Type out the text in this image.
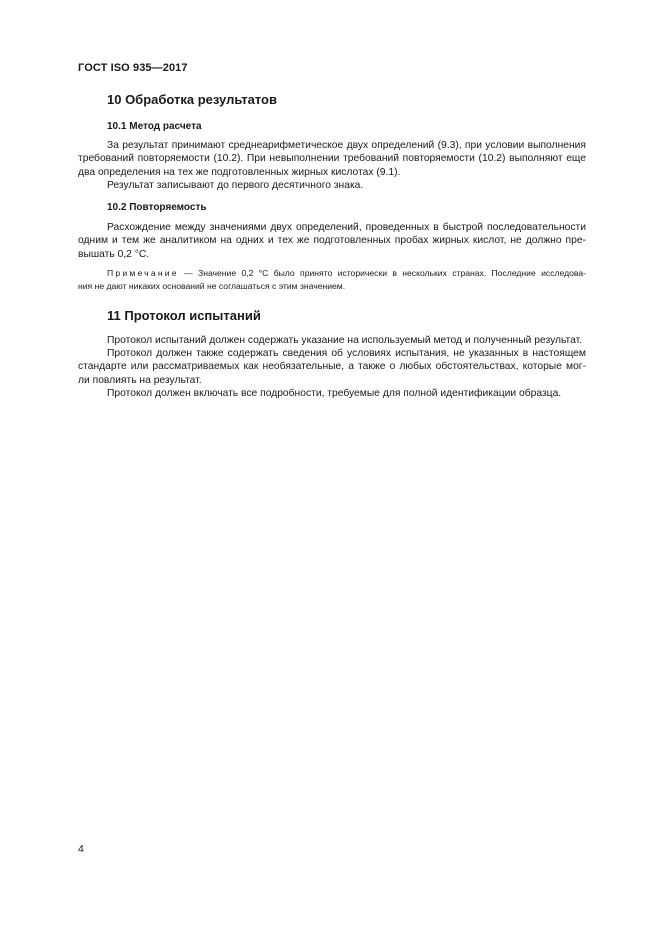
ГОСТ ISO 935—2017
10 Обработка результатов
10.1 Метод расчета
За результат принимают среднеарифметическое двух определений (9.3), при условии выполнения
требований повторяемости (10.2). При невыполнении требований повторяемости (10.2) выполняют еще
два определения на тех же подготовленных жирных кислотах (9.1).
Результат записывают до первого десятичного знака.
10.2 Повторяемость
Расхождение между значениями двух определений, проведенных в быстрой последовательности
одним и тем же аналитиком на одних и тех же подготовленных пробах жирных кислот, не должно пре-
вышать 0,2 °С.
Примечание — Значение 0,2 °С было принято исторически в нескольких странах. Последние исследова-
ния не дают никаких оснований не соглашаться с этим значением.
11 Протокол испытаний
Протокол испытаний должен содержать указание на используемый метод и полученный результат.
Протокол должен также содержать сведения об условиях испытания, не указанных в настоящем
стандарте или рассматриваемых как необязательные, а также о любых обстоятельствах, которые мог-
ли повлиять на результат.
Протокол должен включать все подробности, требуемые для полной идентификации образца.
4
